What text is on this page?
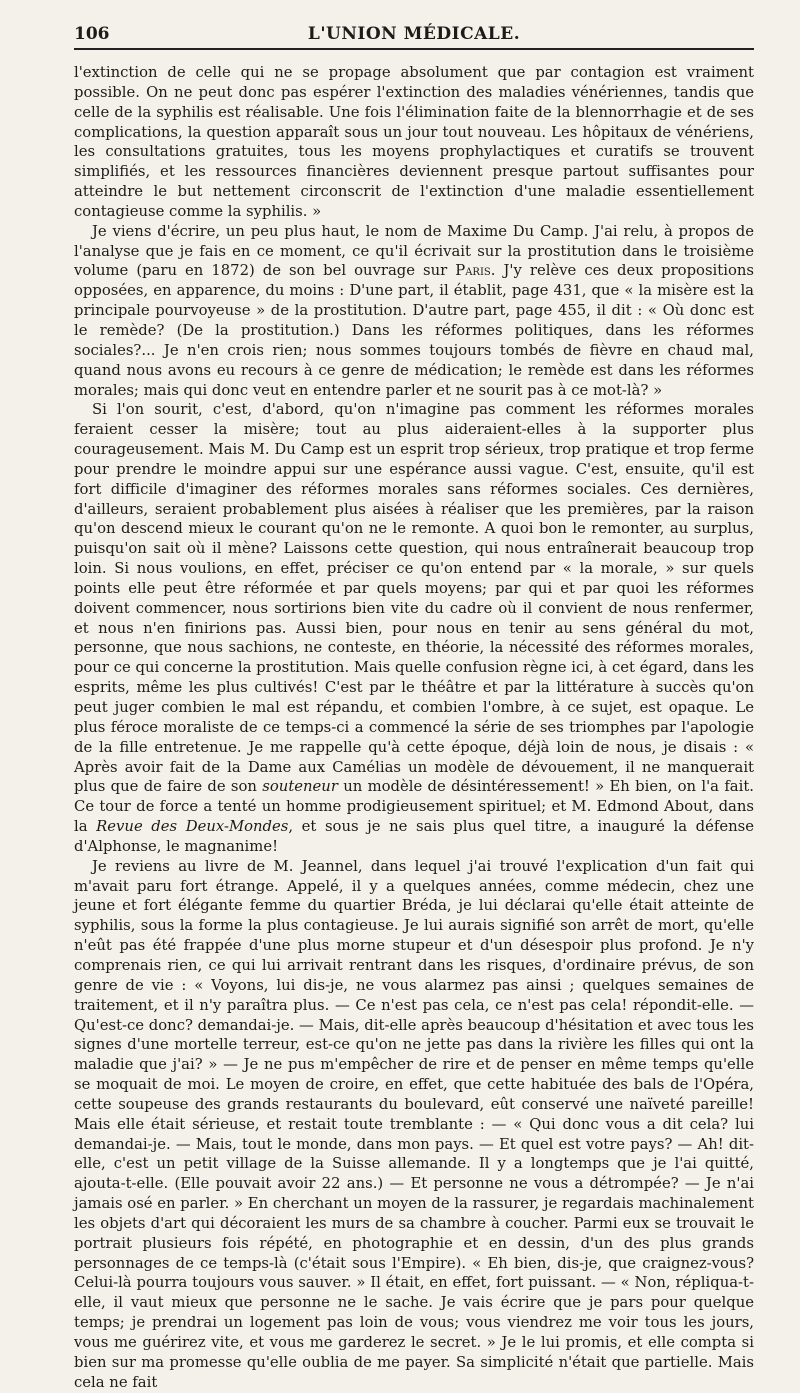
106	L'UNION MÉDICALE.

l'extinction de celle qui ne se propage absolument que par contagion est vraiment possible. On ne peut donc pas espérer l'extinction des maladies vénériennes, tandis que celle de la syphilis est réalisable. Une fois l'élimination faite de la blennorrhagie et de ses complications, la question apparaît sous un jour tout nouveau. Les hôpitaux de vénériens, les consultations gratuites, tous les moyens prophylactiques et curatifs se trouvent simplifiés, et les ressources financières deviennent presque partout suffisantes pour atteindre le but nettement circonscrit de l'extinction d'une maladie essentiellement contagieuse comme la syphilis. »

Je viens d'écrire, un peu plus haut, le nom de Maxime Du Camp. J'ai relu, à propos de l'analyse que je fais en ce moment, ce qu'il écrivait sur la prostitution dans le troisième volume (paru en 1872) de son bel ouvrage sur Paris. J'y relève ces deux propositions opposées, en apparence, du moins : D'une part, il établit, page 431, que « la misère est la principale pourvoyeuse » de la prostitution. D'autre part, page 455, il dit : « Où donc est le remède? (De la prostitution.) Dans les réformes politiques, dans les réformes sociales?... Je n'en crois rien; nous sommes toujours tombés de fièvre en chaud mal, quand nous avons eu recours à ce genre de médication; le remède est dans les réformes morales; mais qui donc veut en entendre parler et ne sourit pas à ce mot-là? »

Si l'on sourit, c'est, d'abord, qu'on n'imagine pas comment les réformes morales feraient cesser la misère; tout au plus aideraient-elles à la supporter plus courageusement. Mais M. Du Camp est un esprit trop sérieux, trop pratique et trop ferme pour prendre le moindre appui sur une espérance aussi vague. C'est, ensuite, qu'il est fort difficile d'imaginer des réformes morales sans réformes sociales. Ces dernières, d'ailleurs, seraient probablement plus aisées à réaliser que les premières, par la raison qu'on descend mieux le courant qu'on ne le remonte. A quoi bon le remonter, au surplus, puisqu'on sait où il mène? Laissons cette question, qui nous entraînerait beaucoup trop loin. Si nous voulions, en effet, préciser ce qu'on entend par « la morale, » sur quels points elle peut être réformée et par quels moyens; par qui et par quoi les réformes doivent commencer, nous sortirions bien vite du cadre où il convient de nous renfermer, et nous n'en finirions pas. Aussi bien, pour nous en tenir au sens général du mot, personne, que nous sachions, ne conteste, en théorie, la nécessité des réformes morales, pour ce qui concerne la prostitution. Mais quelle confusion règne ici, à cet égard, dans les esprits, même les plus cultivés! C'est par le théâtre et par la littérature à succès qu'on peut juger combien le mal est répandu, et combien l'ombre, à ce sujet, est opaque. Le plus féroce moraliste de ce temps-ci a commencé la série de ses triomphes par l'apologie de la fille entretenue. Je me rappelle qu'à cette époque, déjà loin de nous, je disais : « Après avoir fait de la Dame aux Camélias un modèle de dévouement, il ne manquerait plus que de faire de son souteneur un modèle de désintéressement! » Eh bien, on l'a fait. Ce tour de force a tenté un homme prodigieusement spirituel; et M. Edmond About, dans la Revue des Deux-Mondes, et sous je ne sais plus quel titre, a inauguré la défense d'Alphonse, le magnanime!

Je reviens au livre de M. Jeannel, dans lequel j'ai trouvé l'explication d'un fait qui m'avait paru fort étrange. Appelé, il y a quelques années, comme médecin, chez une jeune et fort élégante femme du quartier Bréda, je lui déclarai qu'elle était atteinte de syphilis, sous la forme la plus contagieuse. Je lui aurais signifié son arrêt de mort, qu'elle n'eût pas été frappée d'une plus morne stupeur et d'un désespoir plus profond. Je n'y comprenais rien, ce qui lui arrivait rentrant dans les risques, d'ordinaire prévus, de son genre de vie : « Voyons, lui dis-je, ne vous alarmez pas ainsi ; quelques semaines de traitement, et il n'y paraîtra plus. — Ce n'est pas cela, ce n'est pas cela! répondit-elle. — Qu'est-ce donc? demandai-je. — Mais, dit-elle après beaucoup d'hésitation et avec tous les signes d'une mortelle terreur, est-ce qu'on ne jette pas dans la rivière les filles qui ont la maladie que j'ai? » — Je ne pus m'empêcher de rire et de penser en même temps qu'elle se moquait de moi. Le moyen de croire, en effet, que cette habituée des bals de l'Opéra, cette soupeuse des grands restaurants du boulevard, eût conservé une naïveté pareille! Mais elle était sérieuse, et restait toute tremblante : — « Qui donc vous a dit cela? lui demandai-je. — Mais, tout le monde, dans mon pays. — Et quel est votre pays? — Ah! dit-elle, c'est un petit village de la Suisse allemande. Il y a longtemps que je l'ai quitté, ajouta-t-elle. (Elle pouvait avoir 22 ans.) — Et personne ne vous a détrompée? — Je n'ai jamais osé en parler. » En cherchant un moyen de la rassurer, je regardais machinalement les objets d'art qui décoraient les murs de sa chambre à coucher. Parmi eux se trouvait le portrait plusieurs fois répété, en photographie et en dessin, d'un des plus grands personnages de ce temps-là (c'était sous l'Empire). « Eh bien, dis-je, que craignez-vous? Celui-là pourra toujours vous sauver. » Il était, en effet, fort puissant. — « Non, répliqua-t-elle, il vaut mieux que personne ne le sache. Je vais écrire que je pars pour quelque temps; je prendrai un logement pas loin de vous; vous viendrez me voir tous les jours, vous me guérirez vite, et vous me garderez le secret. » Je le lui promis, et elle compta si bien sur ma promesse qu'elle oublia de me payer. Sa simplicité n'était que partielle. Mais cela ne fait
